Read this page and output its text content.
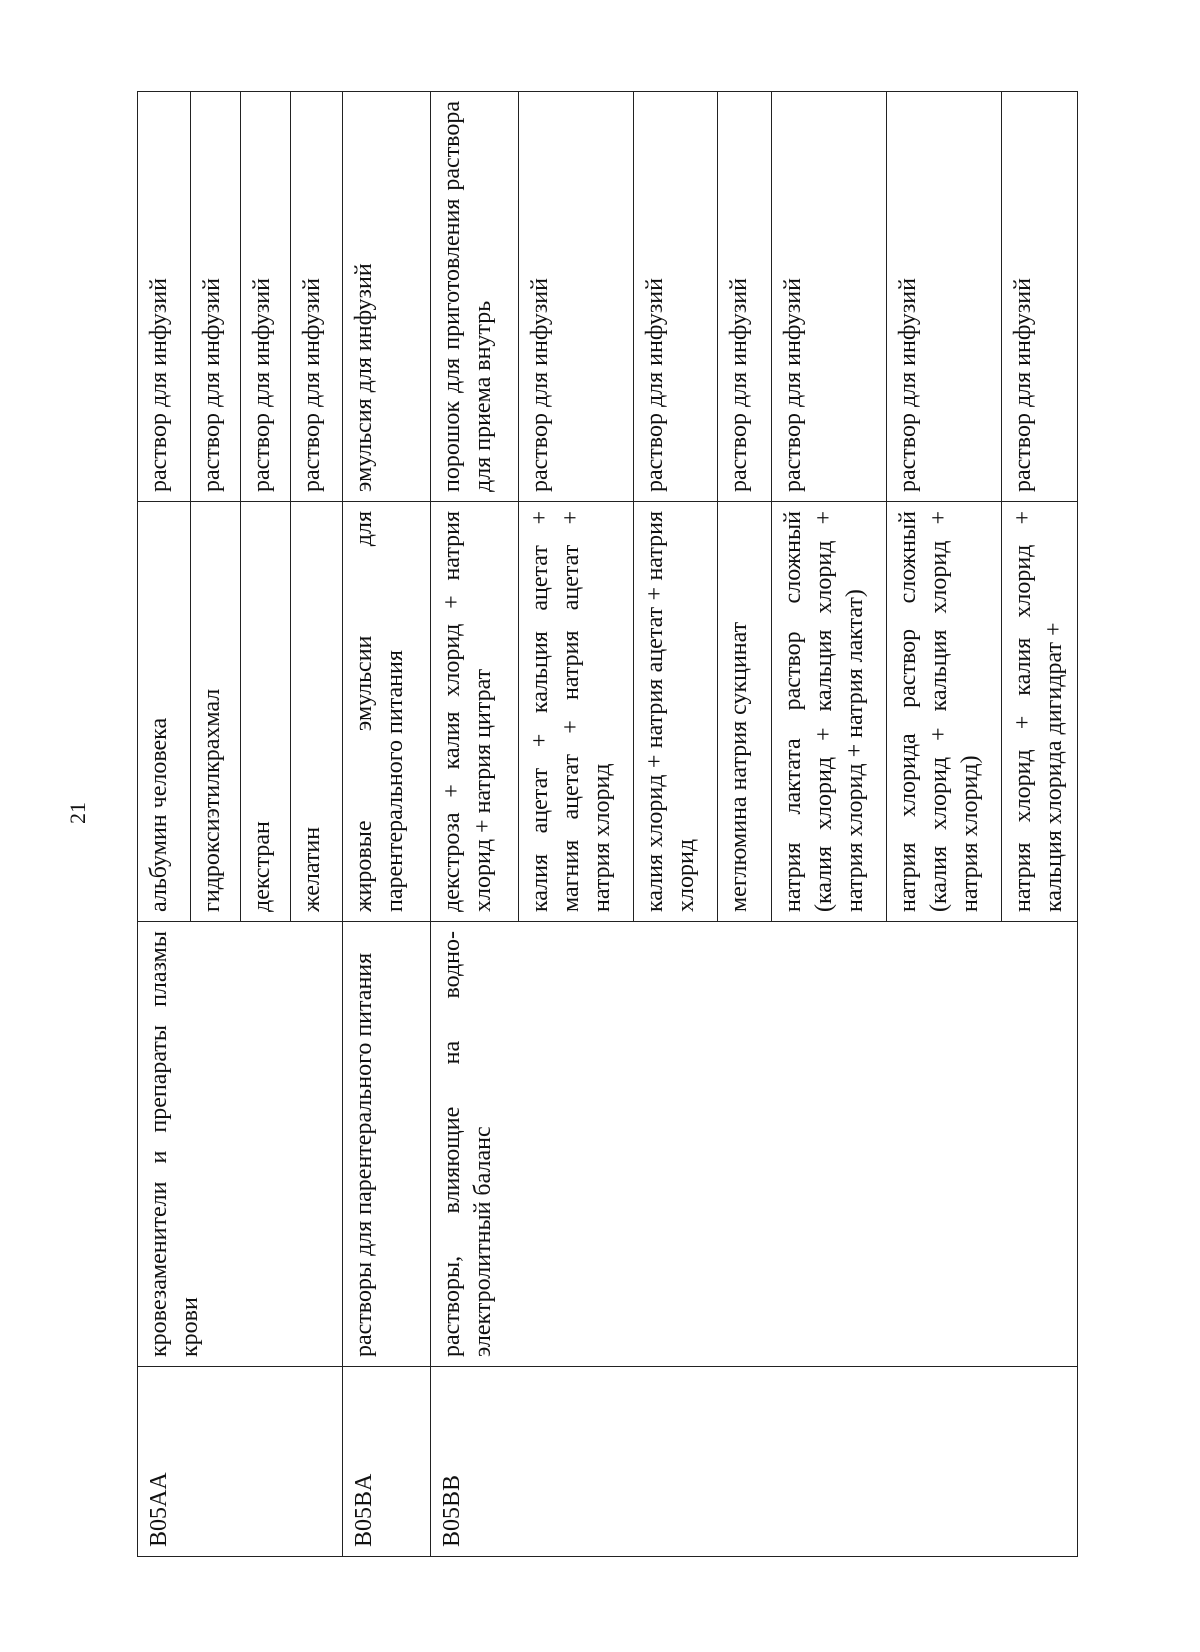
21
B05AA	кровезаменители и препараты плазмы крови	альбумин человека	раствор для инфузий
		гидроксиэтилкрахмал	раствор для инфузий
		декстран	раствор для инфузий
		желатин	раствор для инфузий
B05BA	растворы для парентерального питания	жировые эмульсии для парентерального питания	эмульсия для инфузий
B05BB	растворы, влияющие на водно-электролитный баланс	декстроза + калия хлорид + натрия хлорид + натрия цитрат	порошок для приготовления раствора для приема внутрь
		калия ацетат + кальция ацетат + магния ацетат + натрия ацетат + натрия хлорид	раствор для инфузий
		калия хлорид + натрия ацетат + натрия хлорид	раствор для инфузий
		меглюмина натрия сукцинат	раствор для инфузий
		натрия лактата раствор сложный (калия хлорид + кальция хлорид + натрия хлорид + натрия лактат)	раствор для инфузий
		натрия хлорида раствор сложный (калия хлорид + кальция хлорид + натрия хлорид)	раствор для инфузий
		натрия хлорид + калия хлорид + кальция хлорида дигидрат +	раствор для инфузий
